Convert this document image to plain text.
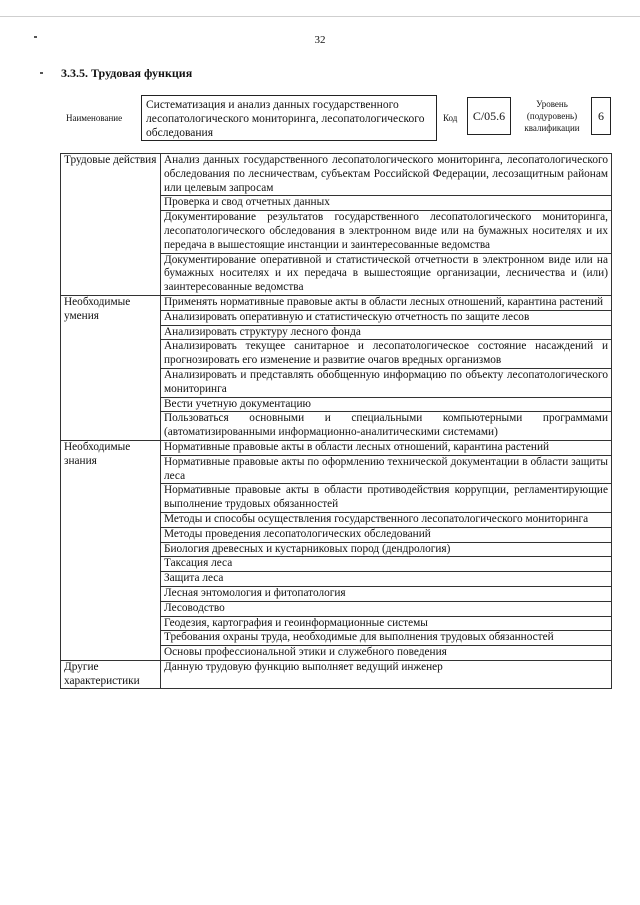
32
3.3.5. Трудовая функция
Наименование
Систематизация и анализ данных государственного лесопатологического мониторинга, лесопатологического обследования
Код	C/05.6
Уровень
(подуровень)
квалификации
6
Трудовые действия	Анализ данных государственного лесопатологического мониторинга, лесопатологического обследования по лесничествам, субъектам Российской Федерации, лесозащитным районам или целевым запросам
	Проверка и свод отчетных данных
	Документирование результатов государственного лесопатологического мониторинга, лесопатологического обследования в электронном виде или на бумажных носителях и их передача в вышестоящие инстанции и заинтересованные ведомства
	Документирование оперативной и статистической отчетности в электронном виде или на бумажных носителях и их передача в вышестоящие организации, лесничества и (или) заинтересованные ведомства
Необходимые умения	Применять нормативные правовые акты в области лесных отношений, карантина растений
	Анализировать оперативную и статистическую отчетность по защите лесов
	Анализировать структуру лесного фонда
	Анализировать текущее санитарное и лесопатологическое состояние насаждений и прогнозировать его изменение и развитие очагов вредных организмов
	Анализировать и представлять обобщенную информацию по объекту лесопатологического мониторинга
	Вести учетную документацию
	Пользоваться основными и специальными компьютерными программами (автоматизированными информационно-аналитическими системами)
Необходимые знания	Нормативные правовые акты в области лесных отношений, карантина растений
	Нормативные правовые акты по оформлению технической документации в области защиты леса
	Нормативные правовые акты в области противодействия коррупции, регламентирующие выполнение трудовых обязанностей
	Методы и способы осуществления государственного лесопатологического мониторинга
	Методы проведения лесопатологических обследований
	Биология древесных и кустарниковых пород (дендрология)
	Таксация леса
	Защита леса
	Лесная энтомология и фитопатология
	Лесоводство
	Геодезия, картография и геоинформационные системы
	Требования охраны труда, необходимые для выполнения трудовых обязанностей
	Основы профессиональной этики и служебного поведения
Другие характеристики	Данную трудовую функцию выполняет ведущий инженер
